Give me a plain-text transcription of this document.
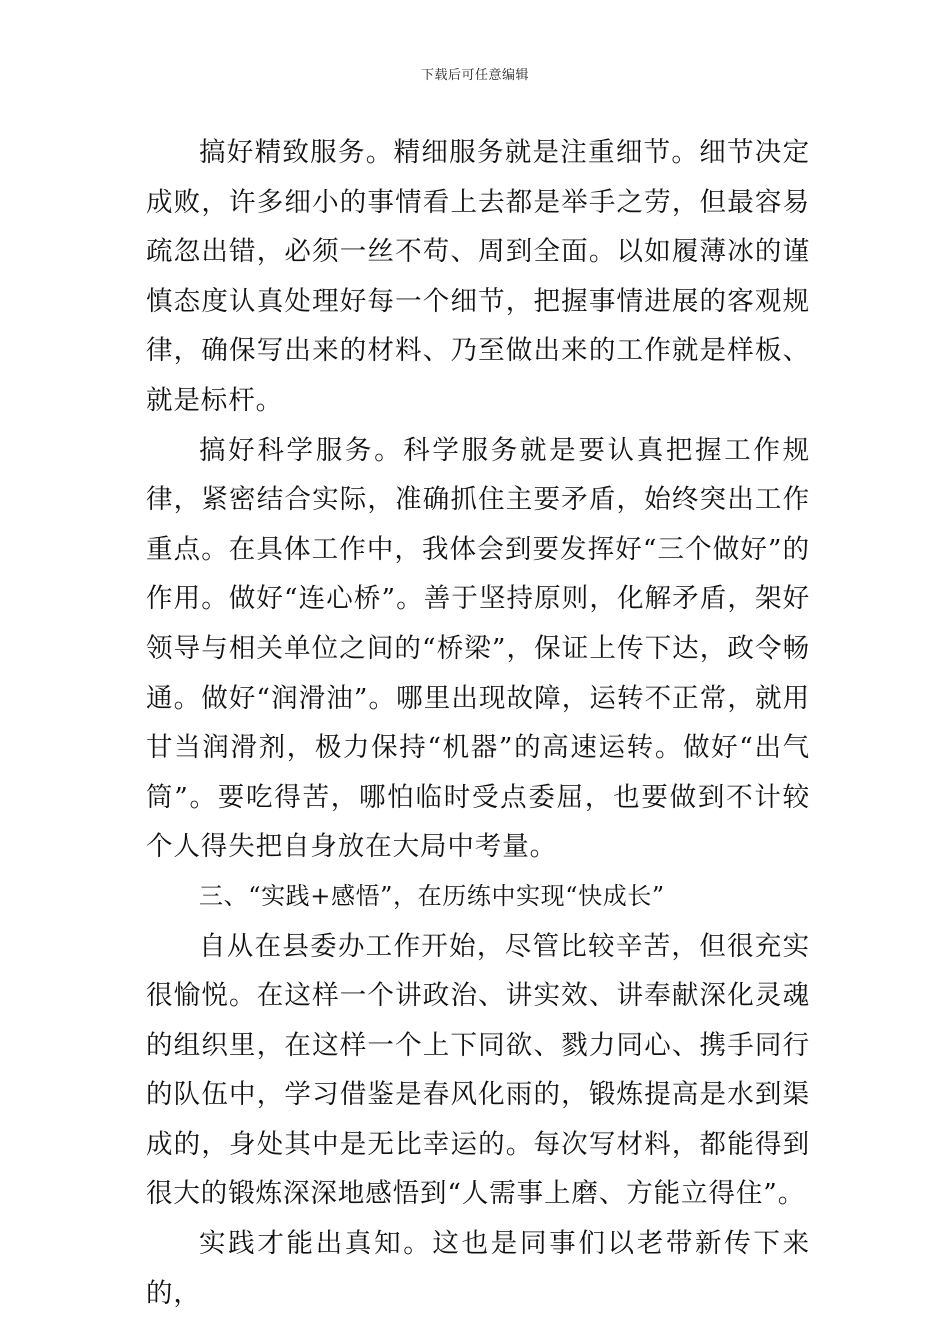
下载后可任意编辑

搞好精致服务。精细服务就是注重细节。细节决定成败，许多细小的事情看上去都是举手之劳，但最容易疏忽出错，必须一丝不苟、周到全面。以如履薄冰的谨慎态度认真处理好每一个细节，把握事情进展的客观规律，确保写出来的材料、乃至做出来的工作就是样板、就是标杆。

搞好科学服务。科学服务就是要认真把握工作规律，紧密结合实际，准确抓住主要矛盾，始终突出工作重点。在具体工作中，我体会到要发挥好“三个做好”的作用。做好“连心桥”。善于坚持原则，化解矛盾，架好领导与相关单位之间的“桥梁”，保证上传下达，政令畅通。做好“润滑油”。哪里出现故障，运转不正常，就用甘当润滑剂，极力保持“机器”的高速运转。做好“出气筒”。要吃得苦，哪怕临时受点委屈，也要做到不计较个人得失把自身放在大局中考量。

三、“实践+感悟”，在历练中实现“快成长”

自从在县委办工作开始，尽管比较辛苦，但很充实很愉悦。在这样一个讲政治、讲实效、讲奉献深化灵魂的组织里，在这样一个上下同欲、戮力同心、携手同行的队伍中，学习借鉴是春风化雨的，锻炼提高是水到渠成的，身处其中是无比幸运的。每次写材料，都能得到很大的锻炼深深地感悟到“人需事上磨、方能立得住”。

实践才能出真知。这也是同事们以老带新传下来的，
